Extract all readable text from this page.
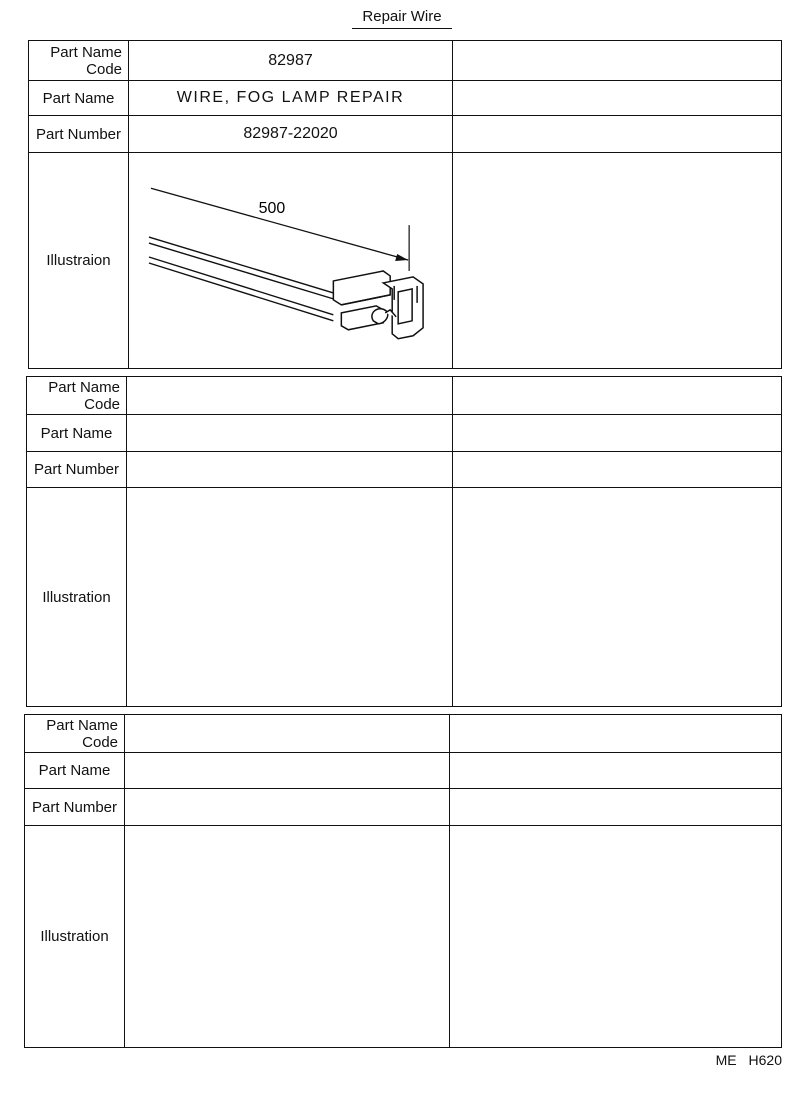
Repair Wire
Part Name
Code
82987
Part Name	WIRE, FOG LAMP REPAIR
Part Number	82987-22020
Illustraion
500
Part Name
Code
Part Name
Part Number
Illustration
Part Name
Code
Part Name
Part Number
Illustration
ME H620
